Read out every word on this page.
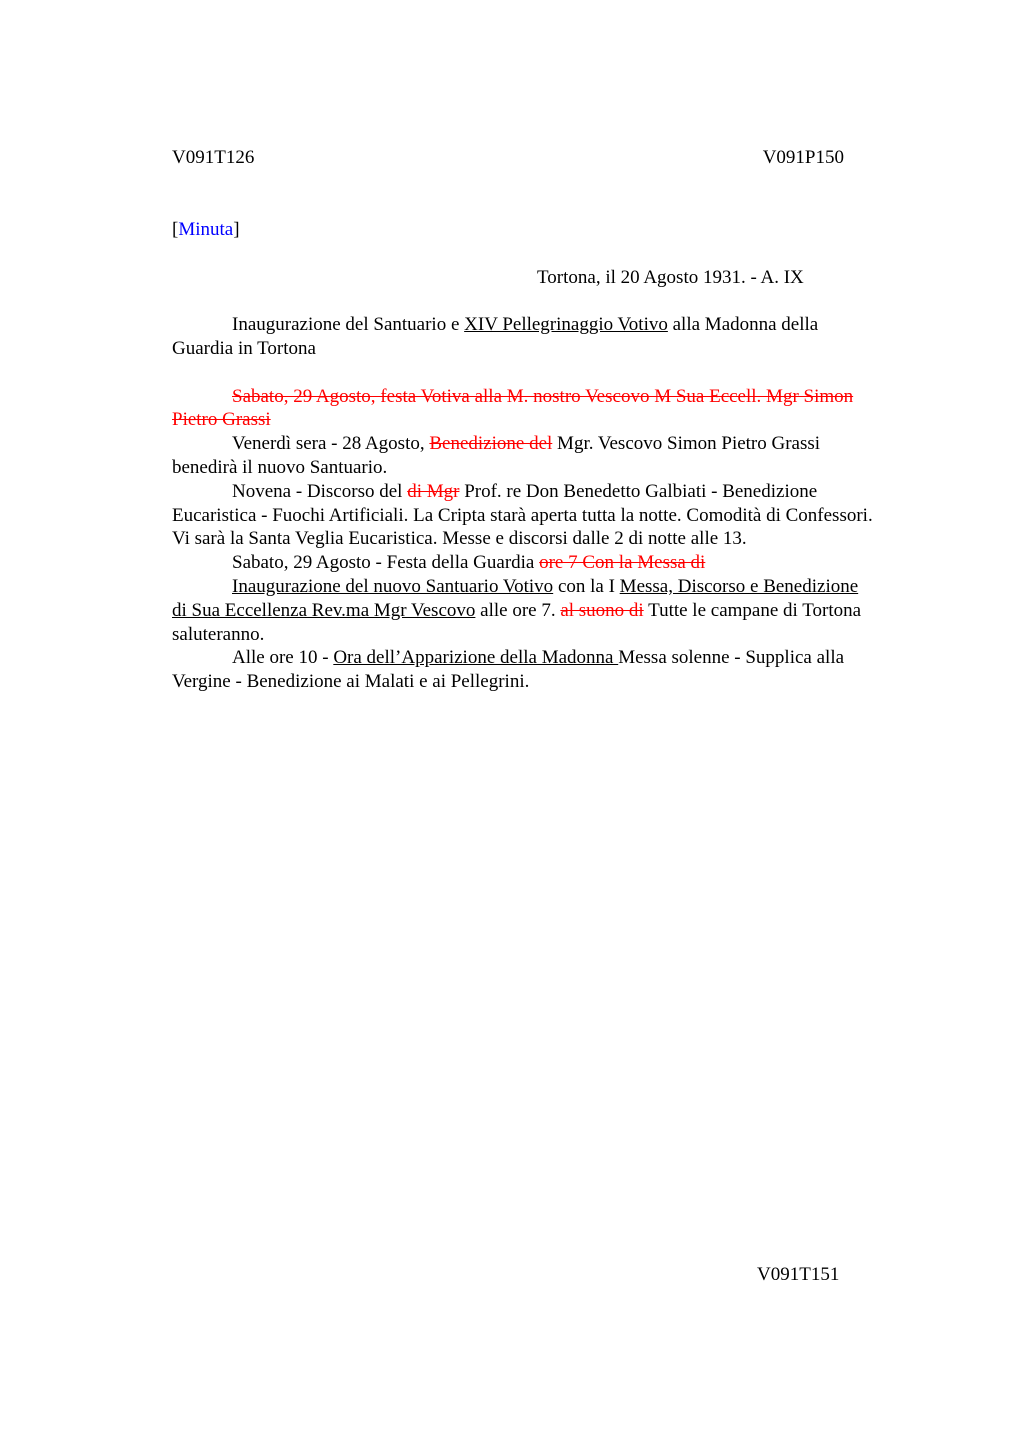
V091T126	V091P150
[Minuta]
Tortona, il 20 Agosto 1931. - A. IX

Inaugurazione del Santuario e XIV Pellegrinaggio Votivo alla Madonna della Guardia in Tortona

Sabato, 29 Agosto, festa Votiva alla M. nostro Vescovo M Sua Eccell. Mgr Simon Pietro Grassi

Venerdì sera - 28 Agosto, Benedizione del Mgr. Vescovo Simon Pietro Grassi benedirà il nuovo Santuario.

Novena - Discorso del di Mgr Prof. re Don Benedetto Galbiati - Benedizione Eucaristica - Fuochi Artificiali. La Cripta starà aperta tutta la notte. Comodità di Confessori. Vi sarà la Santa Veglia Eucaristica. Messe e discorsi dalle 2 di notte alle 13.

Sabato, 29 Agosto - Festa della Guardia ore 7 Con la Messa di

Inaugurazione del nuovo Santuario Votivo con la I Messa, Discorso e Benedizione di Sua Eccellenza Rev.ma Mgr Vescovo alle ore 7. al suono di Tutte le campane di Tortona saluteranno.

Alle ore 10 - Ora dell’Apparizione della Madonna Messa solenne - Supplica alla Vergine - Benedizione ai Malati e ai Pellegrini.

V091T151
